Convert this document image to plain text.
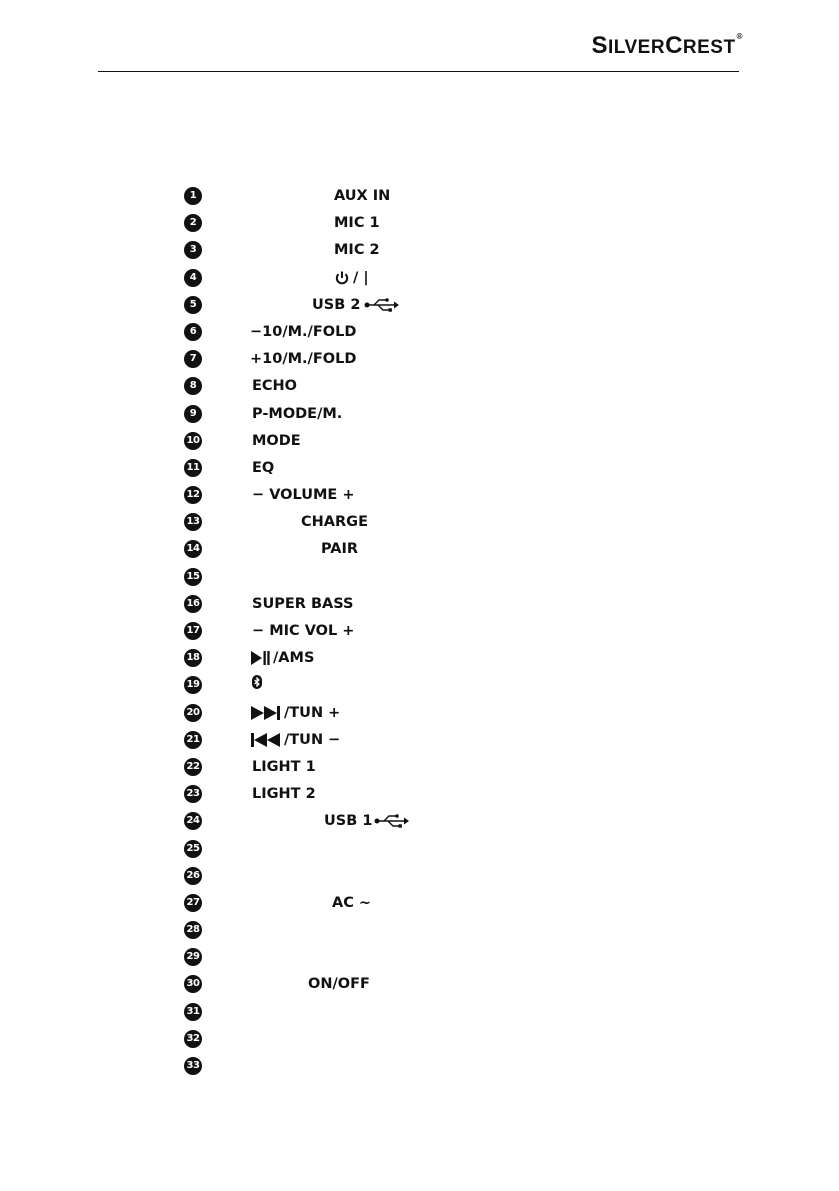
SILVERCREST®
1	AUX IN
2	MIC 1
3	MIC 2
4	/ |
5	USB 2
6	−10/M./FOLD
7	+10/M./FOLD
8	ECHO
9	P-MODE/M.
10	MODE
11	EQ
12	− VOLUME +
13	CHARGE
14	PAIR
15
16	SUPER BASS
17	− MIC VOL +
18	/AMS
19
20	/TUN +
21	/TUN −
22	LIGHT 1
23	LIGHT 2
24	USB 1
25
26
27	AC ~
28
29
30	ON/OFF
31
32
33
